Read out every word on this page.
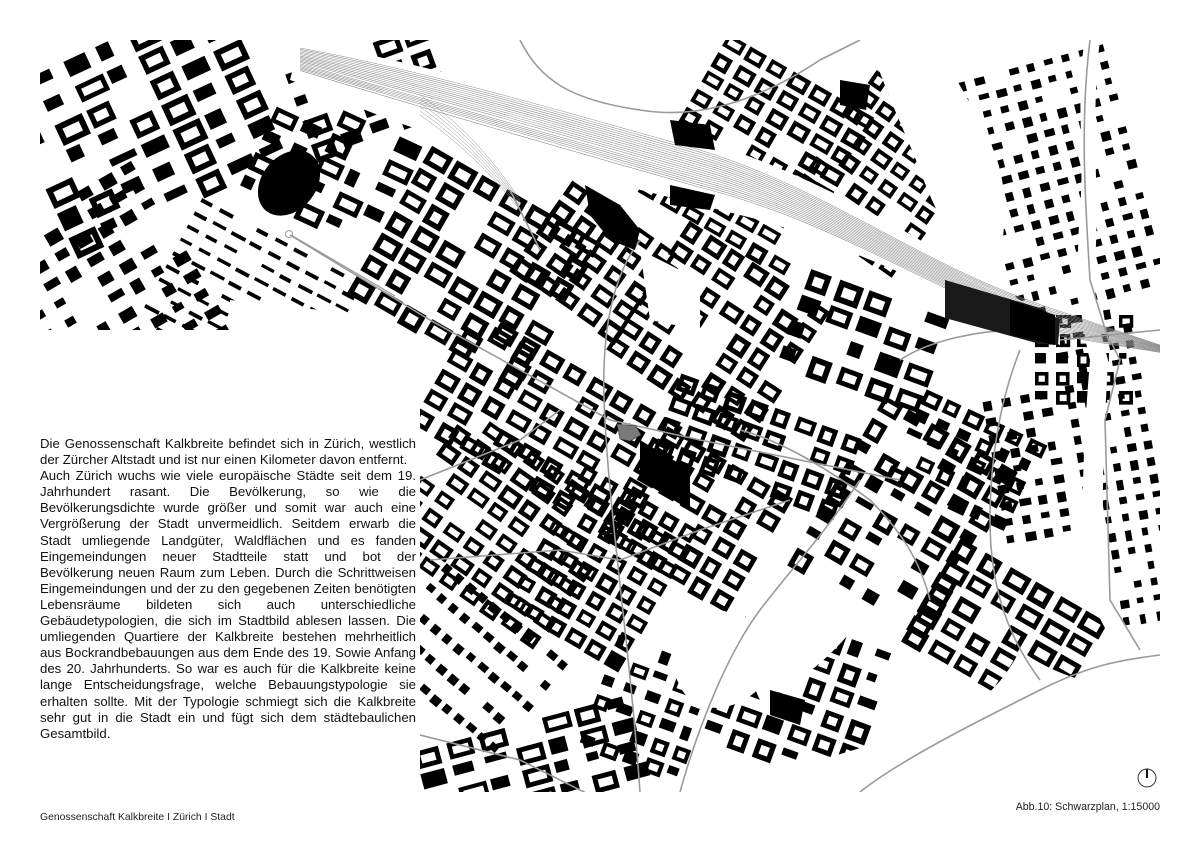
Die Genossenschaft Kalkbreite befindet sich in Zürich, westlich der Zürcher Altstadt und ist nur einen Kilometer davon entfernt.

Auch Zürich wuchs wie viele europäische Städte seit dem 19. Jahrhundert rasant. Die Bevölkerung, so wie die Bevölkerungsdichte wurde größer und somit war auch eine Vergrößerung der Stadt unvermeidlich. Seitdem erwarb die Stadt umliegende Landgüter, Waldflächen und es fanden Eingemeindungen neuer Stadtteile statt und bot der Bevölkerung neuen Raum zum Leben. Durch die Schrittweisen Eingemeindungen und der zu den gegebenen Zeiten benötigten Lebensräume bildeten sich auch unterschiedliche Gebäudetypologien, die sich im Stadtbild ablesen lassen. Die umliegenden Quartiere der Kalkbreite bestehen mehrheitlich aus Bockrandbebauungen aus dem Ende des 19. Sowie Anfang des 20. Jahrhunderts. So war es auch für die Kalkbreite keine lange Entscheidungsfrage, welche Bebauungstypologie sie erhalten sollte. Mit der Typologie schmiegt sich die Kalkbreite sehr gut in die Stadt ein und fügt sich dem städtebaulichen Gesamtbild.

Genossenschaft Kalkbreite I Zürich I Stadt
Abb.10: Schwarzplan, 1:15000
